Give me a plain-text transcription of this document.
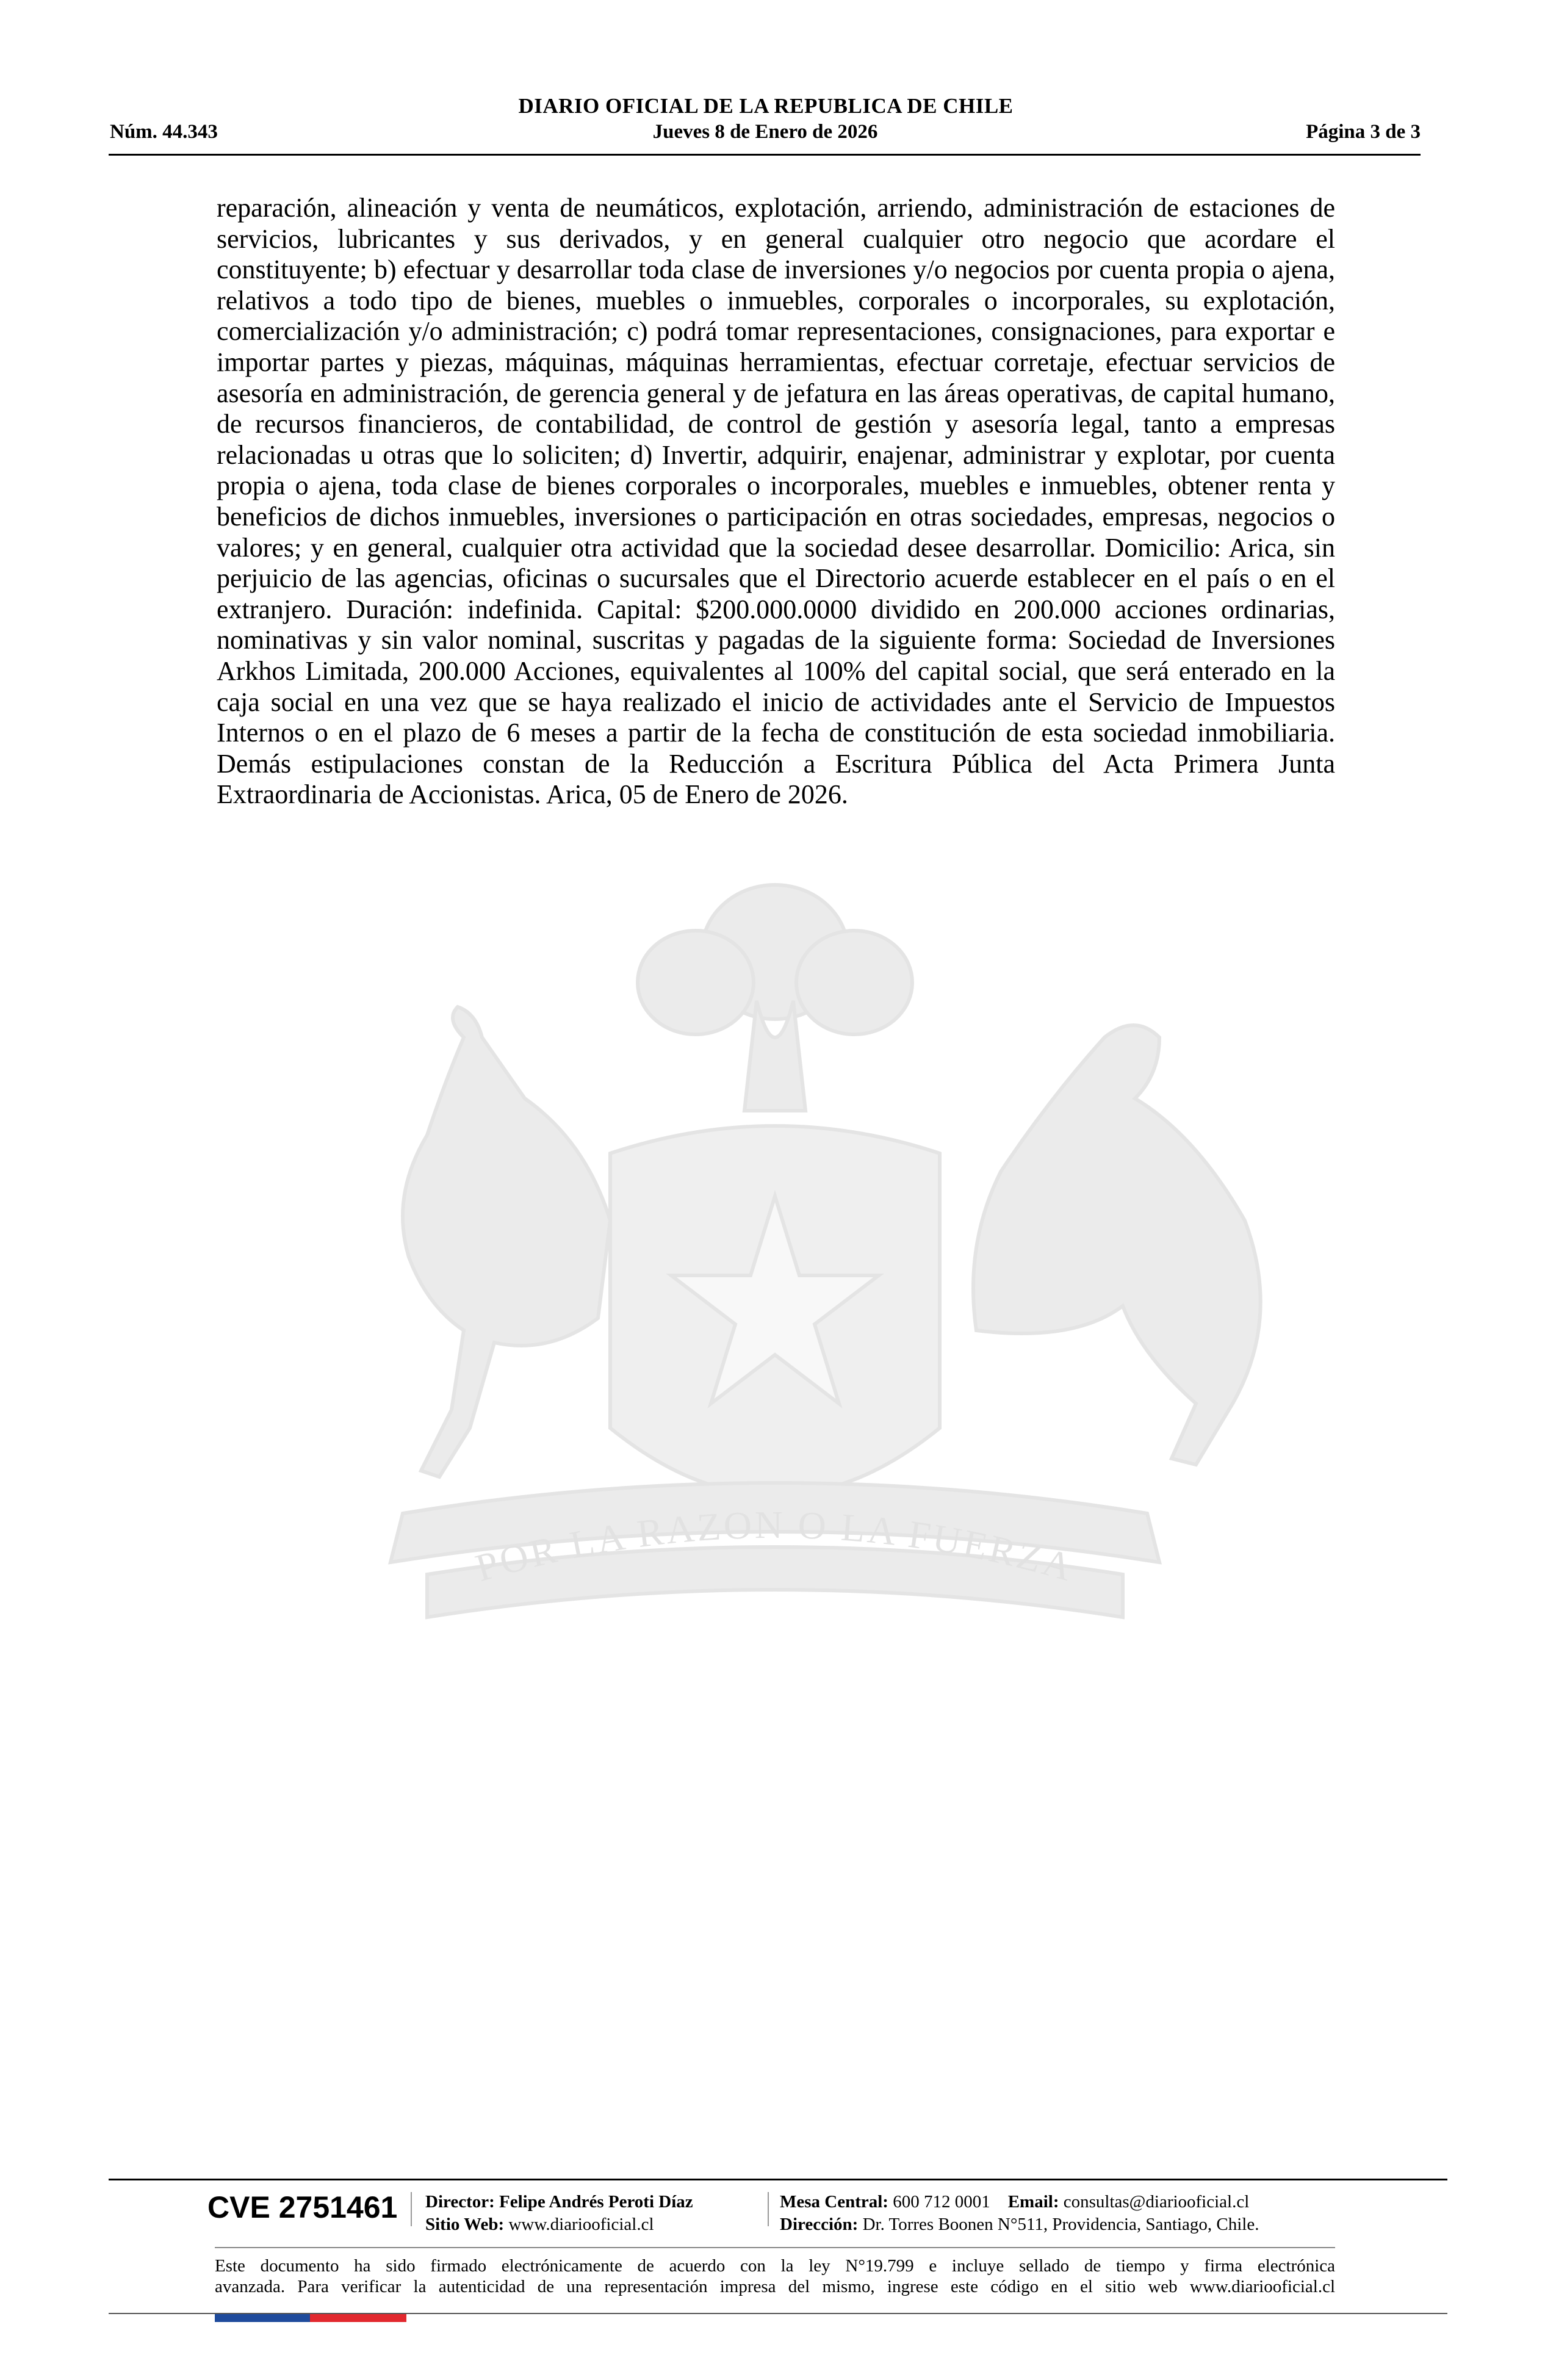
DIARIO OFICIAL DE LA REPUBLICA DE CHILE
Núm. 44.343	Jueves 8 de Enero de 2026	Página 3 de 3
POR LA RAZON O LA FUERZA
reparación, alineación y venta de neumáticos, explotación, arriendo, administración de estaciones de servicios, lubricantes y sus derivados, y en general cualquier otro negocio que acordare el constituyente; b) efectuar y desarrollar toda clase de inversiones y/o negocios por cuenta propia o ajena, relativos a todo tipo de bienes, muebles o inmuebles, corporales o incorporales, su explotación, comercialización y/o administración; c) podrá tomar representaciones, consignaciones, para exportar e importar partes y piezas, máquinas, máquinas herramientas, efectuar corretaje, efectuar servicios de asesoría en administración, de gerencia general y de jefatura en las áreas operativas, de capital humano, de recursos financieros, de contabilidad, de control de gestión y asesoría legal, tanto a empresas relacionadas u otras que lo soliciten; d) Invertir, adquirir, enajenar, administrar y explotar, por cuenta propia o ajena, toda clase de bienes corporales o incorporales, muebles e inmuebles, obtener renta y beneficios de dichos inmuebles, inversiones o participación en otras sociedades, empresas, negocios o valores; y en general, cualquier otra actividad que la sociedad desee desarrollar. Domicilio: Arica, sin perjuicio de las agencias, oficinas o sucursales que el Directorio acuerde establecer en el país o en el extranjero. Duración: indefinida. Capital: $200.000.0000 dividido en 200.000 acciones ordinarias, nominativas y sin valor nominal, suscritas y pagadas de la siguiente forma: Sociedad de Inversiones Arkhos Limitada, 200.000 Acciones, equivalentes al 100% del capital social, que será enterado en la caja social en una vez que se haya realizado el inicio de actividades ante el Servicio de Impuestos Internos o en el plazo de 6 meses a partir de la fecha de constitución de esta sociedad inmobiliaria. Demás estipulaciones constan de la Reducción a Escritura Pública del Acta Primera Junta Extraordinaria de Accionistas. Arica, 05 de Enero de 2026.
CVE 2751461 Director: Felipe Andrés Peroti Díaz
Sitio Web: www.diariooficial.cl
Mesa Central: 600 712 0001 Email: consultas@diariooficial.cl
Dirección: Dr. Torres Boonen N°511, Providencia, Santiago, Chile.
Este documento ha sido firmado electrónicamente de acuerdo con la ley N°19.799 e incluye sellado de tiempo y firma electrónica
avanzada. Para verificar la autenticidad de una representación impresa del mismo, ingrese este código en el sitio web www.diariooficial.cl
